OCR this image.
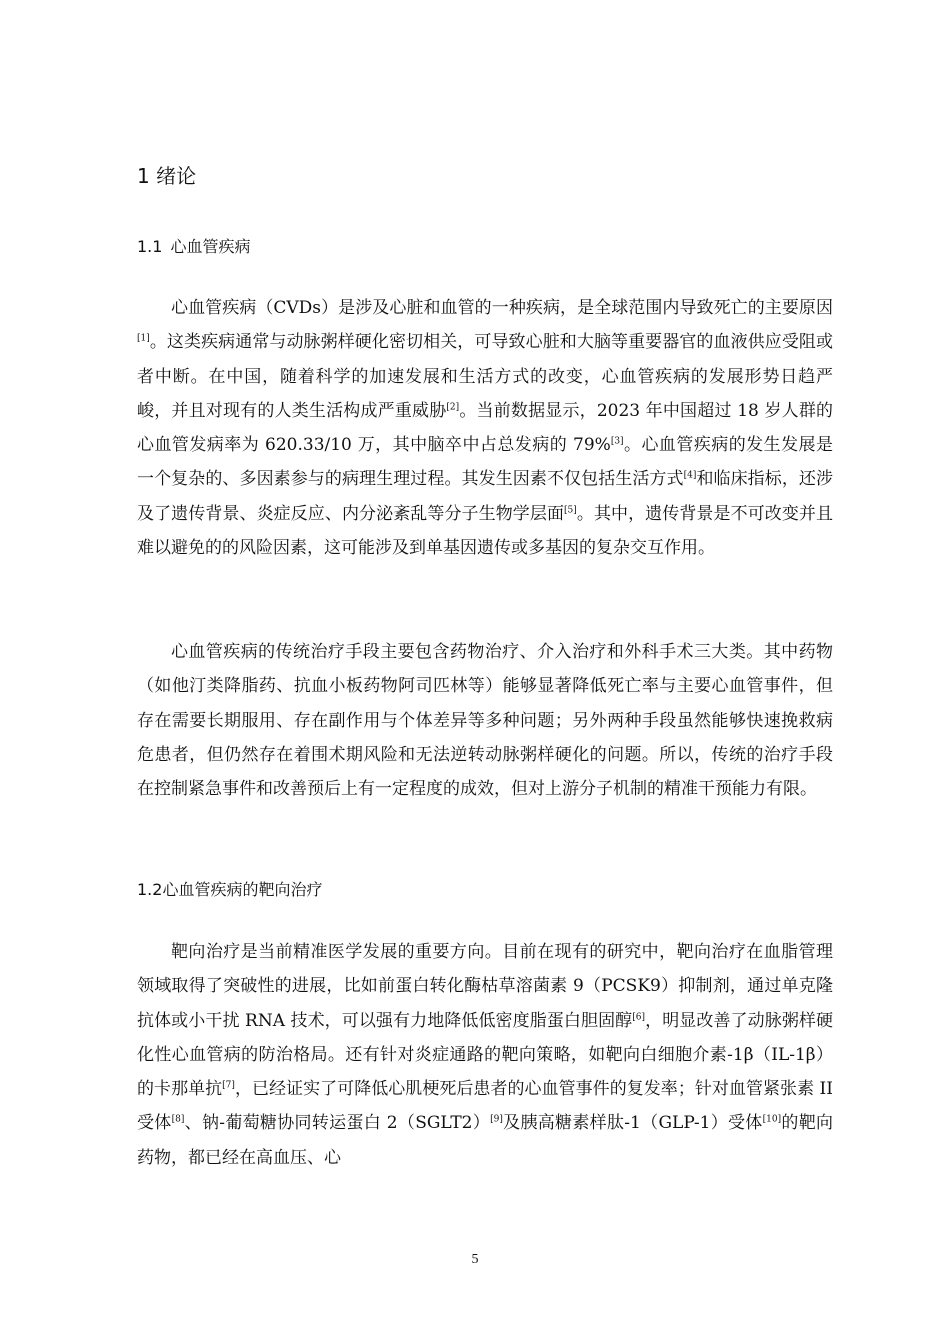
1 绪论
1.1 心血管疾病

心血管疾病（CVDs）是涉及心脏和血管的一种疾病，是全球范围内导致死亡的主要原因[1]。这类疾病通常与动脉粥样硬化密切相关，可导致心脏和大脑等重要器官的血液供应受阻或者中断。在中国，随着科学的加速发展和生活方式的改变，心血管疾病的发展形势日趋严峻，并且对现有的人类生活构成严重威胁[2]。当前数据显示，2023 年中国超过 18 岁人群的心血管发病率为 620.33/10 万，其中脑卒中占总发病的 79%[3]。心血管疾病的发生发展是一个复杂的、多因素参与的病理生理过程。其发生因素不仅包括生活方式[4]和临床指标，还涉及了遗传背景、炎症反应、内分泌紊乱等分子生物学层面[5]。其中，遗传背景是不可改变并且难以避免的的风险因素，这可能涉及到单基因遗传或多基因的复杂交互作用。

心血管疾病的传统治疗手段主要包含药物治疗、介入治疗和外科手术三大类。其中药物（如他汀类降脂药、抗血小板药物阿司匹林等）能够显著降低死亡率与主要心血管事件，但存在需要长期服用、存在副作用与个体差异等多种问题；另外两种手段虽然能够快速挽救病危患者，但仍然存在着围术期风险和无法逆转动脉粥样硬化的问题。所以，传统的治疗手段在控制紧急事件和改善预后上有一定程度的成效，但对上游分子机制的精准干预能力有限。

1.2心血管疾病的靶向治疗

靶向治疗是当前精准医学发展的重要方向。目前在现有的研究中，靶向治疗在血脂管理领域取得了突破性的进展，比如前蛋白转化酶枯草溶菌素 9（PCSK9）抑制剂，通过单克隆抗体或小干扰 RNA 技术，可以强有力地降低低密度脂蛋白胆固醇[6]，明显改善了动脉粥样硬化性心血管病的防治格局。还有针对炎症通路的靶向策略，如靶向白细胞介素-1β（IL-1β）的卡那单抗[7]，已经证实了可降低心肌梗死后患者的心血管事件的复发率；针对血管紧张素 II 受体[8]、钠-葡萄糖协同转运蛋白 2（SGLT2）[9]及胰高糖素样肽-1（GLP-1）受体[10]的靶向药物，都已经在高血压、心

5
